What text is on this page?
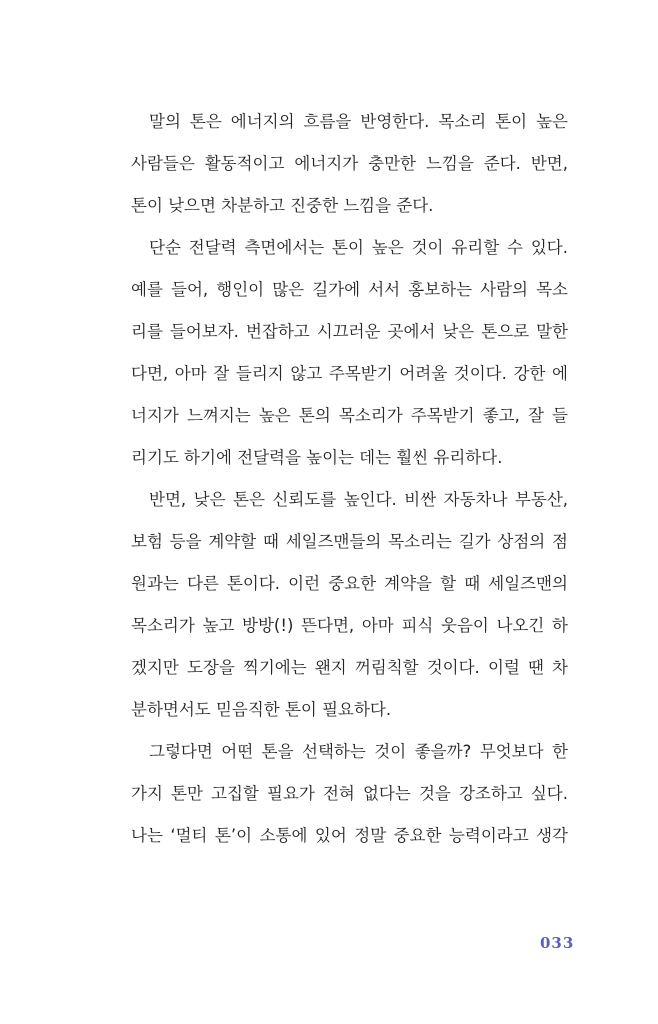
말의 톤은 에너지의 흐름을 반영한다. 목소리 톤이 높은
사람들은 활동적이고 에너지가 충만한 느낌을 준다. 반면,
톤이 낮으면 차분하고 진중한 느낌을 준다.
단순 전달력 측면에서는 톤이 높은 것이 유리할 수 있다.
예를 들어, 행인이 많은 길가에 서서 홍보하는 사람의 목소
리를 들어보자. 번잡하고 시끄러운 곳에서 낮은 톤으로 말한
다면, 아마 잘 들리지 않고 주목받기 어려울 것이다. 강한 에
너지가 느껴지는 높은 톤의 목소리가 주목받기 좋고, 잘 들
리기도 하기에 전달력을 높이는 데는 훨씬 유리하다.
반면, 낮은 톤은 신뢰도를 높인다. 비싼 자동차나 부동산,
보험 등을 계약할 때 세일즈맨들의 목소리는 길가 상점의 점
원과는 다른 톤이다. 이런 중요한 계약을 할 때 세일즈맨의
목소리가 높고 방방(!) 뜬다면, 아마 피식 웃음이 나오긴 하
겠지만 도장을 찍기에는 왠지 꺼림칙할 것이다. 이럴 땐 차
분하면서도 믿음직한 톤이 필요하다.
그렇다면 어떤 톤을 선택하는 것이 좋을까? 무엇보다 한
가지 톤만 고집할 필요가 전혀 없다는 것을 강조하고 싶다.
나는 ‘멀티 톤’이 소통에 있어 정말 중요한 능력이라고 생각
033
